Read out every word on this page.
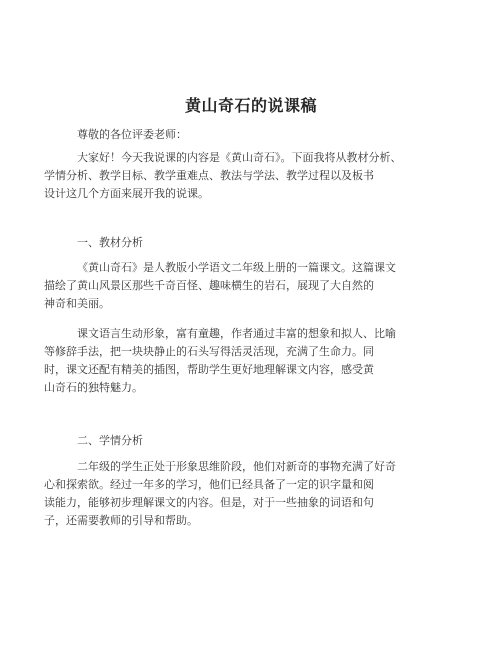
黄山奇石的说课稿
尊敬的各位评委老师：
大家好！今天我说课的内容是《黄山奇石》。下面我将从教材分析、
学情分析、教学目标、教学重难点、教法与学法、教学过程以及板书
设计这几个方面来展开我的说课。
一、教材分析
《黄山奇石》是人教版小学语文二年级上册的一篇课文。这篇课文
描绘了黄山风景区那些千奇百怪、趣味横生的岩石，展现了大自然的
神奇和美丽。
课文语言生动形象，富有童趣，作者通过丰富的想象和拟人、比喻
等修辞手法，把一块块静止的石头写得活灵活现，充满了生命力。同
时，课文还配有精美的插图，帮助学生更好地理解课文内容，感受黄
山奇石的独特魅力。
二、学情分析
二年级的学生正处于形象思维阶段，他们对新奇的事物充满了好奇
心和探索欲。经过一年多的学习，他们已经具备了一定的识字量和阅
读能力，能够初步理解课文的内容。但是，对于一些抽象的词语和句
子，还需要教师的引导和帮助。
